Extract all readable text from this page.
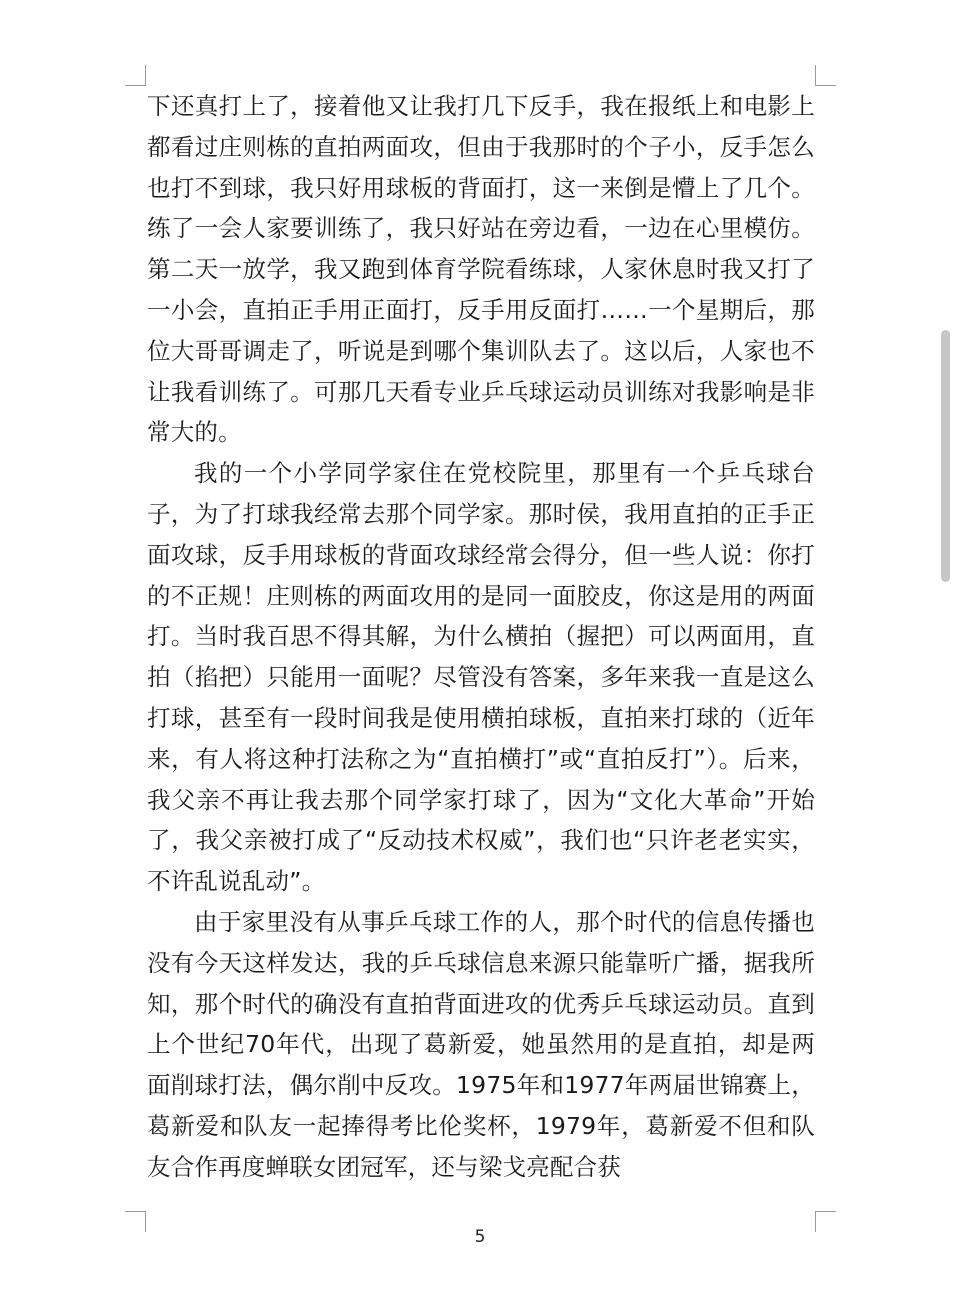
下还真打上了，接着他又让我打几下反手，我在报纸上和电影上都看过庄则栋的直拍两面攻，但由于我那时的个子小，反手怎么也打不到球，我只好用球板的背面打，这一来倒是懵上了几个。练了一会人家要训练了，我只好站在旁边看，一边在心里模仿。第二天一放学，我又跑到体育学院看练球，人家休息时我又打了一小会，直拍正手用正面打，反手用反面打……一个星期后，那位大哥哥调走了，听说是到哪个集训队去了。这以后，人家也不让我看训练了。可那几天看专业乒乓球运动员训练对我影响是非常大的。

我的一个小学同学家住在党校院里，那里有一个乒乓球台子，为了打球我经常去那个同学家。那时侯，我用直拍的正手正面攻球，反手用球板的背面攻球经常会得分，但一些人说：你打的不正规！庄则栋的两面攻用的是同一面胶皮，你这是用的两面打。当时我百思不得其解，为什么横拍（握把）可以两面用，直拍（掐把）只能用一面呢？尽管没有答案，多年来我一直是这么打球，甚至有一段时间我是使用横拍球板，直拍来打球的（近年来，有人将这种打法称之为“直拍横打”或“直拍反打”）。后来，我父亲不再让我去那个同学家打球了，因为“文化大革命”开始了，我父亲被打成了“反动技术权威”，我们也“只许老老实实，不许乱说乱动”。

由于家里没有从事乒乓球工作的人，那个时代的信息传播也没有今天这样发达，我的乒乓球信息来源只能靠听广播，据我所知，那个时代的确没有直拍背面进攻的优秀乒乓球运动员。直到上个世纪70年代，出现了葛新爱，她虽然用的是直拍，却是两面削球打法，偶尔削中反攻。1975年和1977年两届世锦赛上，葛新爱和队友一起捧得考比伦奖杯，1979年，葛新爱不但和队友合作再度蝉联女团冠军，还与梁戈亮配合获

5
